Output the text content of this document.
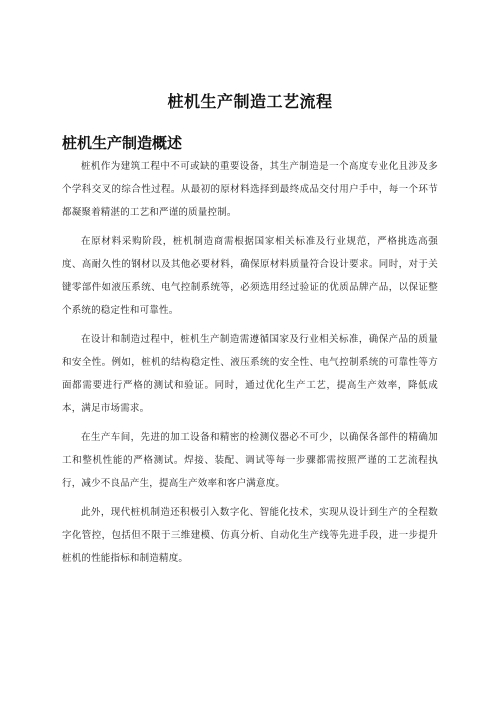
桩机生产制造工艺流程
桩机生产制造概述

桩机作为建筑工程中不可或缺的重要设备，其生产制造是一个高度专业化且涉及多个学科交叉的综合性过程。从最初的原材料选择到最终成品交付用户手中，每一个环节都凝聚着精湛的工艺和严谨的质量控制。

在原材料采购阶段，桩机制造商需根据国家相关标准及行业规范，严格挑选高强度、高耐久性的钢材以及其他必要材料，确保原材料质量符合设计要求。同时，对于关键零部件如液压系统、电气控制系统等，必须选用经过验证的优质品牌产品，以保证整个系统的稳定性和可靠性。

在设计和制造过程中，桩机生产制造需遵循国家及行业相关标准，确保产品的质量和安全性。例如，桩机的结构稳定性、液压系统的安全性、电气控制系统的可靠性等方面都需要进行严格的测试和验证。同时，通过优化生产工艺，提高生产效率，降低成本，满足市场需求。

在生产车间，先进的加工设备和精密的检测仪器必不可少，以确保各部件的精确加工和整机性能的严格测试。焊接、装配、调试等每一步骤都需按照严谨的工艺流程执行，减少不良品产生，提高生产效率和客户满意度。

此外，现代桩机制造还积极引入数字化、智能化技术，实现从设计到生产的全程数字化管控，包括但不限于三维建模、仿真分析、自动化生产线等先进手段，进一步提升桩机的性能指标和制造精度。
